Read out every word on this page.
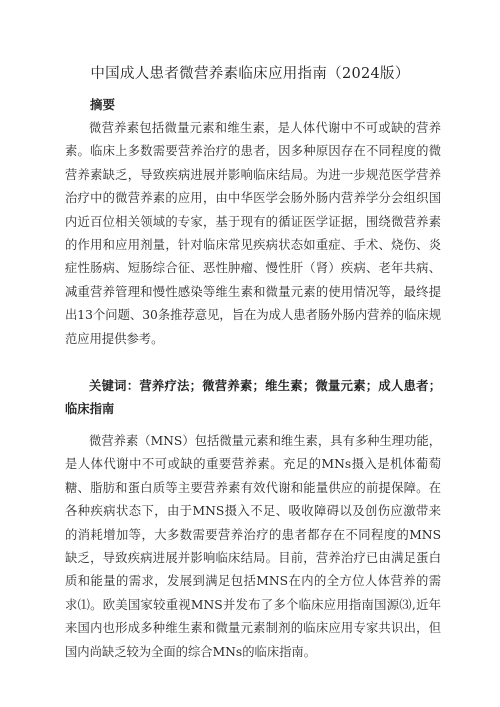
中国成人患者微营养素临床应用指南（2024版）
摘要

微营养素包括微量元素和维生素，是人体代谢中不可或缺的营养素。临床上多数需要营养治疗的患者，因多种原因存在不同程度的微营养素缺乏，导致疾病进展并影响临床结局。为进一步规范医学营养治疗中的微营养素的应用，由中华医学会肠外肠内营养学分会组织国内近百位相关领域的专家，基于现有的循证医学证据，围绕微营养素的作用和应用剂量，针对临床常见疾病状态如重症、手术、烧伤、炎症性肠病、短肠综合征、恶性肿瘤、慢性肝（肾）疾病、老年共病、减重营养管理和慢性感染等维生素和微量元素的使用情况等，最终提出13个问题、30条推荐意见，旨在为成人患者肠外肠内营养的临床规范应用提供参考。

关键词：营养疗法；微营养素；维生素；微量元素；成人患者；临床指南

微营养素（MNS）包括微量元素和维生素，具有多种生理功能，是人体代谢中不可或缺的重要营养素。充足的MNs摄入是机体葡萄糖、脂肪和蛋白质等主要营养素有效代谢和能量供应的前提保障。在各种疾病状态下，由于MNS摄入不足、吸收障碍以及创伤应激带来的消耗增加等，大多数需要营养治疗的患者都存在不同程度的MNS缺乏，导致疾病进展并影响临床结局。目前，营养治疗已由满足蛋白质和能量的需求，发展到满足包括MNS在内的全方位人体营养的需求⑴。欧美国家较重视MNS并发布了多个临床应用指南国源⑶,近年来国内也形成多种维生素和微量元素制剂的临床应用专家共识出，但国内尚缺乏较为全面的综合MNs的临床指南。
